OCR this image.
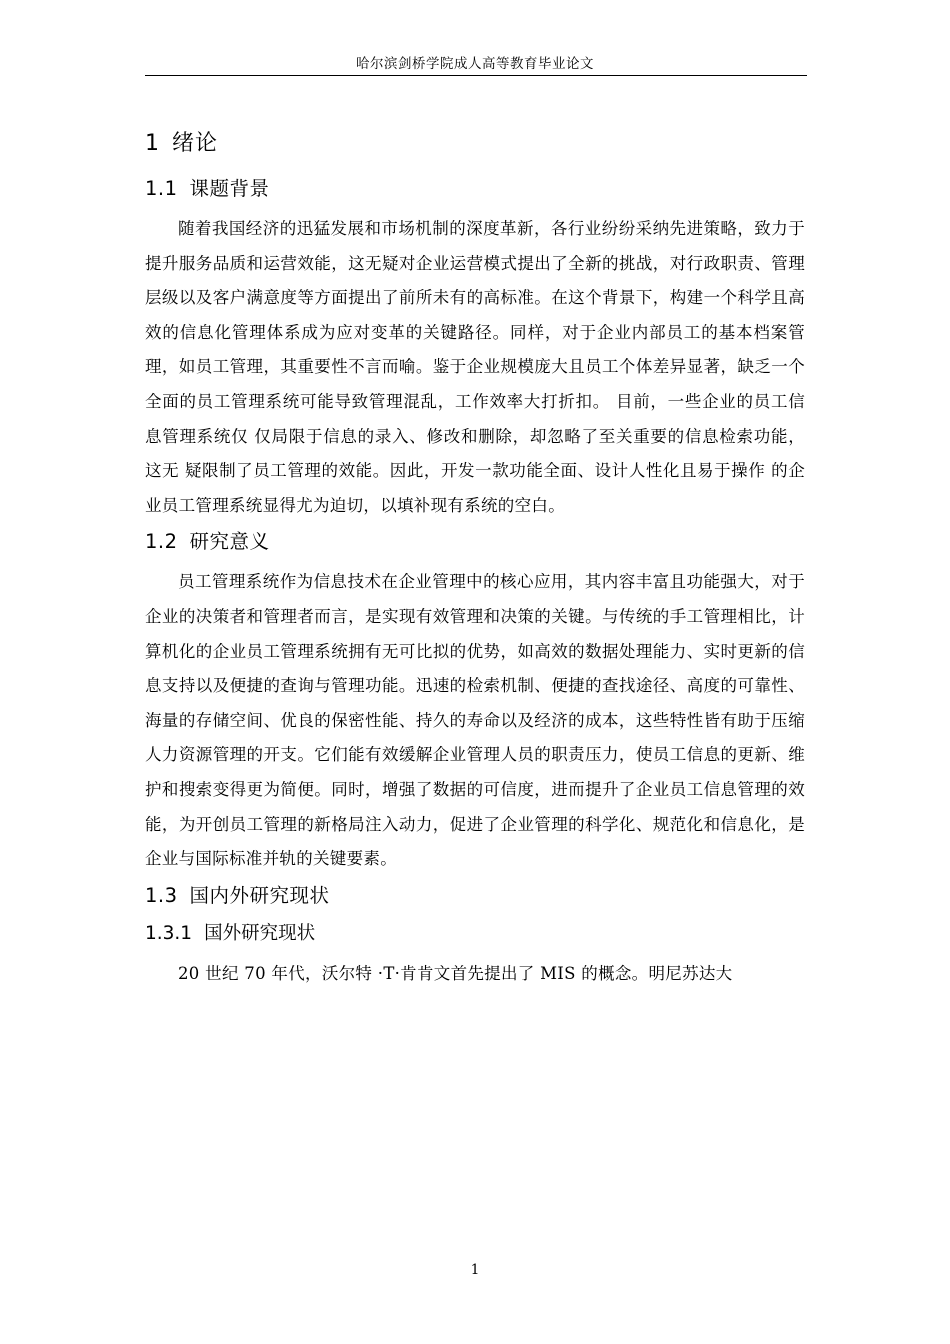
哈尔滨剑桥学院成人高等教育毕业论文
1 绪论
1.1 课题背景

随着我国经济的迅猛发展和市场机制的深度革新，各行业纷纷采纳先进策略，致力于提升服务品质和运营效能，这无疑对企业运营模式提出了全新的挑战，对行政职责、管理层级以及客户满意度等方面提出了前所未有的高标准。在这个背景下，构建一个科学且高效的信息化管理体系成为应对变革的关键路径。同样，对于企业内部员工的基本档案管理，如员工管理，其重要性不言而喻。鉴于企业规模庞大且员工个体差异显著，缺乏一个全面的员工管理系统可能导致管理混乱，工作效率大打折扣。 目前，一些企业的员工信息管理系统仅 仅局限于信息的录入、修改和删除，却忽略了至关重要的信息检索功能，这无 疑限制了员工管理的效能。因此，开发一款功能全面、设计人性化且易于操作 的企业员工管理系统显得尤为迫切，以填补现有系统的空白。

1.2 研究意义

员工管理系统作为信息技术在企业管理中的核心应用，其内容丰富且功能强大，对于企业的决策者和管理者而言，是实现有效管理和决策的关键。与传统的手工管理相比，计算机化的企业员工管理系统拥有无可比拟的优势，如高效的数据处理能力、实时更新的信息支持以及便捷的查询与管理功能。迅速的检索机制、便捷的查找途径、高度的可靠性、海量的存储空间、优良的保密性能、持久的寿命以及经济的成本，这些特性皆有助于压缩人力资源管理的开支。它们能有效缓解企业管理人员的职责压力，使员工信息的更新、维护和搜索变得更为简便。同时，增强了数据的可信度，进而提升了企业员工信息管理的效能，为开创员工管理的新格局注入动力，促进了企业管理的科学化、规范化和信息化，是企业与国际标准并轨的关键要素。

1.3 国内外研究现状
1.3.1 国外研究现状

20 世纪 70 年代，沃尔特 ·T·肯肯文首先提出了 MIS 的概念。明尼苏达大

1
